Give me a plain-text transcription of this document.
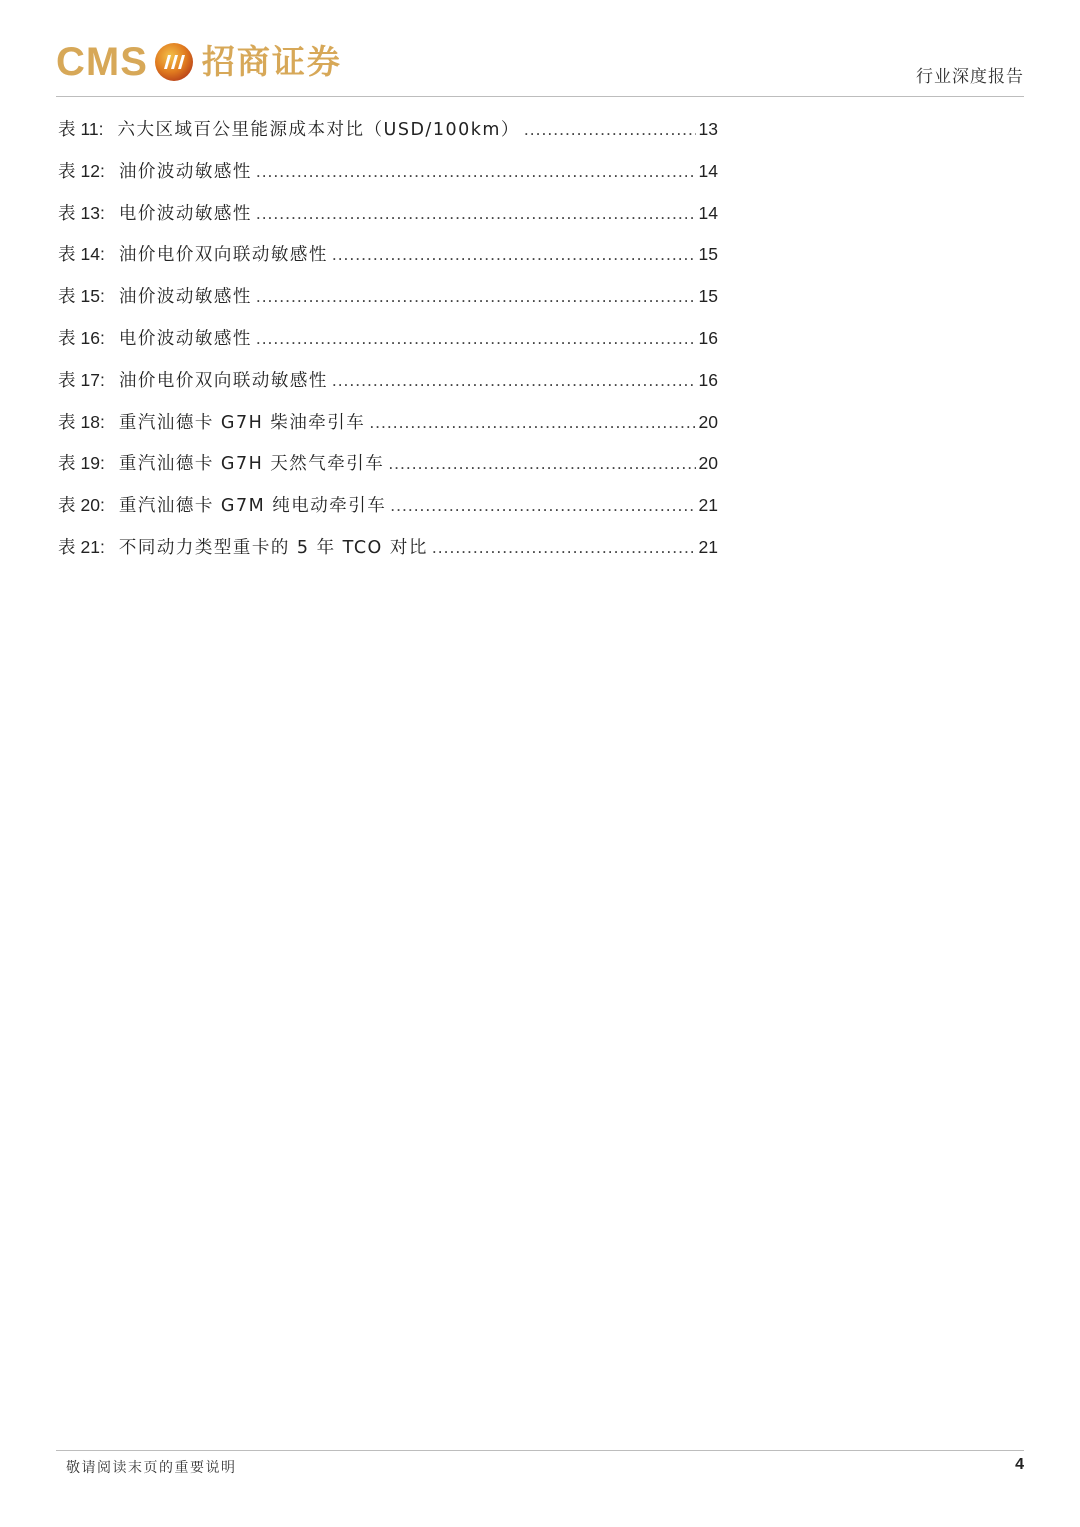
CMS 招商证券	行业深度报告
表 11: 六大区域百公里能源成本对比（USD/100km） .....	13
表 12: 油价波动敏感性 .....	14
表 13: 电价波动敏感性 .....	14
表 14: 油价电价双向联动敏感性 .....	15
表 15: 油价波动敏感性 .....	15
表 16: 电价波动敏感性 .....	16
表 17: 油价电价双向联动敏感性 .....	16
表 18: 重汽汕德卡 G7H 柴油牵引车 .....	20
表 19: 重汽汕德卡 G7H 天然气牵引车 .....	20
表 20: 重汽汕德卡 G7M 纯电动牵引车 .....	21
表 21: 不同动力类型重卡的 5 年 TCO 对比 .....	21
敬请阅读末页的重要说明	4
